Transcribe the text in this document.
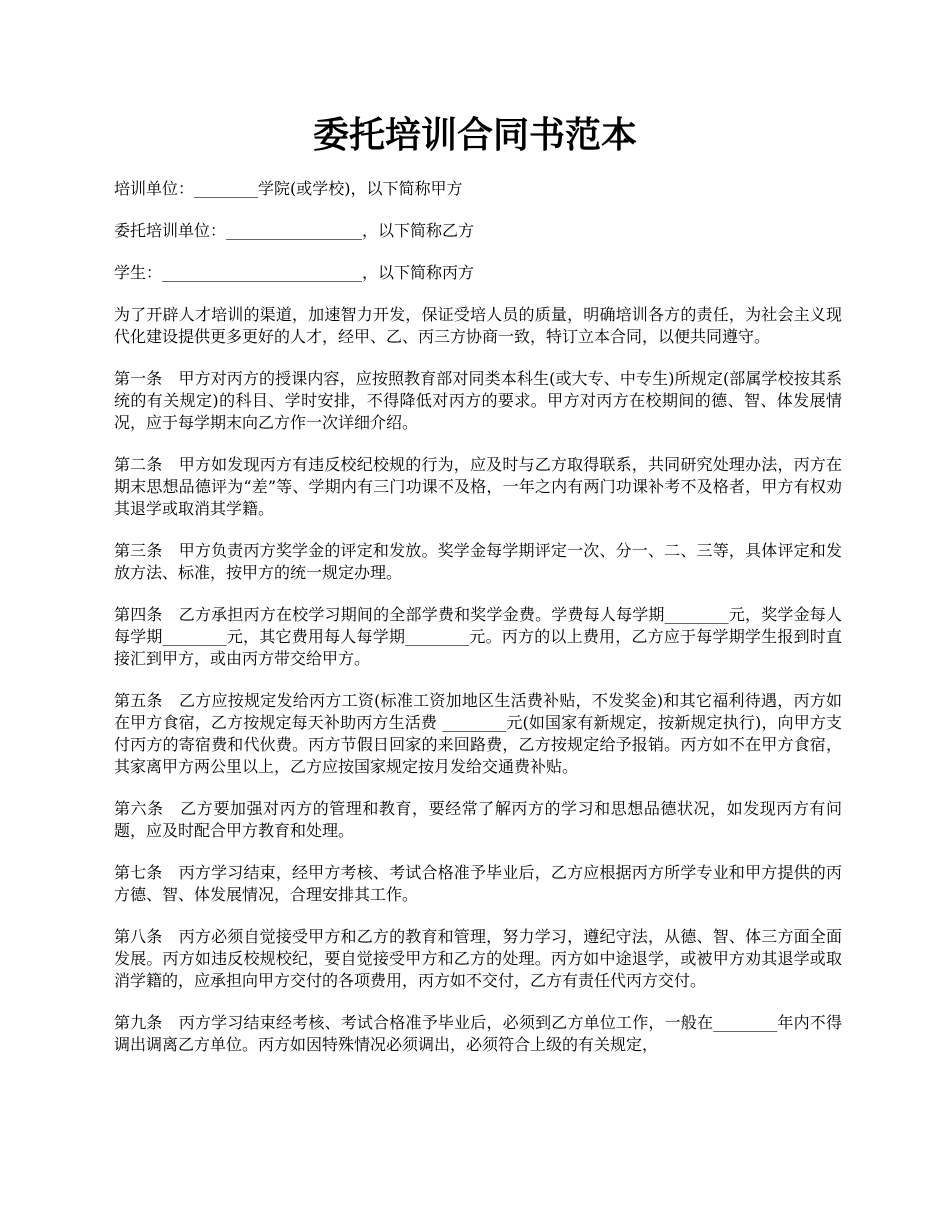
委托培训合同书范本

培训单位：________学院(或学校)，以下简称甲方

委托培训单位：_________________，以下简称乙方

学生：_________________________，以下简称丙方

为了开辟人才培训的渠道，加速智力开发，保证受培人员的质量，明确培训各方的责任，为社会主义现代化建设提供更多更好的人才，经甲、乙、丙三方协商一致，特订立本合同，以便共同遵守。

第一条　甲方对丙方的授课内容，应按照教育部对同类本科生(或大专、中专生)所规定(部属学校按其系统的有关规定)的科目、学时安排，不得降低对丙方的要求。甲方对丙方在校期间的德、智、体发展情况，应于每学期末向乙方作一次详细介绍。

第二条　甲方如发现丙方有违反校纪校规的行为，应及时与乙方取得联系，共同研究处理办法，丙方在期末思想品德评为“差”等、学期内有三门功课不及格，一年之内有两门功课补考不及格者，甲方有权劝其退学或取消其学籍。

第三条　甲方负责丙方奖学金的评定和发放。奖学金每学期评定一次、分一、二、三等，具体评定和发放方法、标准，按甲方的统一规定办理。

第四条　乙方承担丙方在校学习期间的全部学费和奖学金费。学费每人每学期________元，奖学金每人每学期________元，其它费用每人每学期________元。丙方的以上费用，乙方应于每学期学生报到时直接汇到甲方，或由丙方带交给甲方。

第五条　乙方应按规定发给丙方工资(标准工资加地区生活费补贴，不发奖金)和其它福利待遇，丙方如在甲方食宿，乙方按规定每天补助丙方生活费 ________元(如国家有新规定，按新规定执行)，向甲方支付丙方的寄宿费和代伙费。丙方节假日回家的来回路费，乙方按规定给予报销。丙方如不在甲方食宿，其家离甲方两公里以上，乙方应按国家规定按月发给交通费补贴。

第六条　乙方要加强对丙方的管理和教育，要经常了解丙方的学习和思想品德状况，如发现丙方有问题，应及时配合甲方教育和处理。

第七条　丙方学习结束，经甲方考核、考试合格准予毕业后，乙方应根据丙方所学专业和甲方提供的丙方德、智、体发展情况，合理安排其工作。

第八条　丙方必须自觉接受甲方和乙方的教育和管理，努力学习，遵纪守法，从德、智、体三方面全面发展。丙方如违反校规校纪，要自觉接受甲方和乙方的处理。丙方如中途退学，或被甲方劝其退学或取消学籍的，应承担向甲方交付的各项费用，丙方如不交付，乙方有责任代丙方交付。

第九条　丙方学习结束经考核、考试合格准予毕业后，必须到乙方单位工作，一般在________年内不得调出调离乙方单位。丙方如因特殊情况必须调出，必须符合上级的有关规定，
